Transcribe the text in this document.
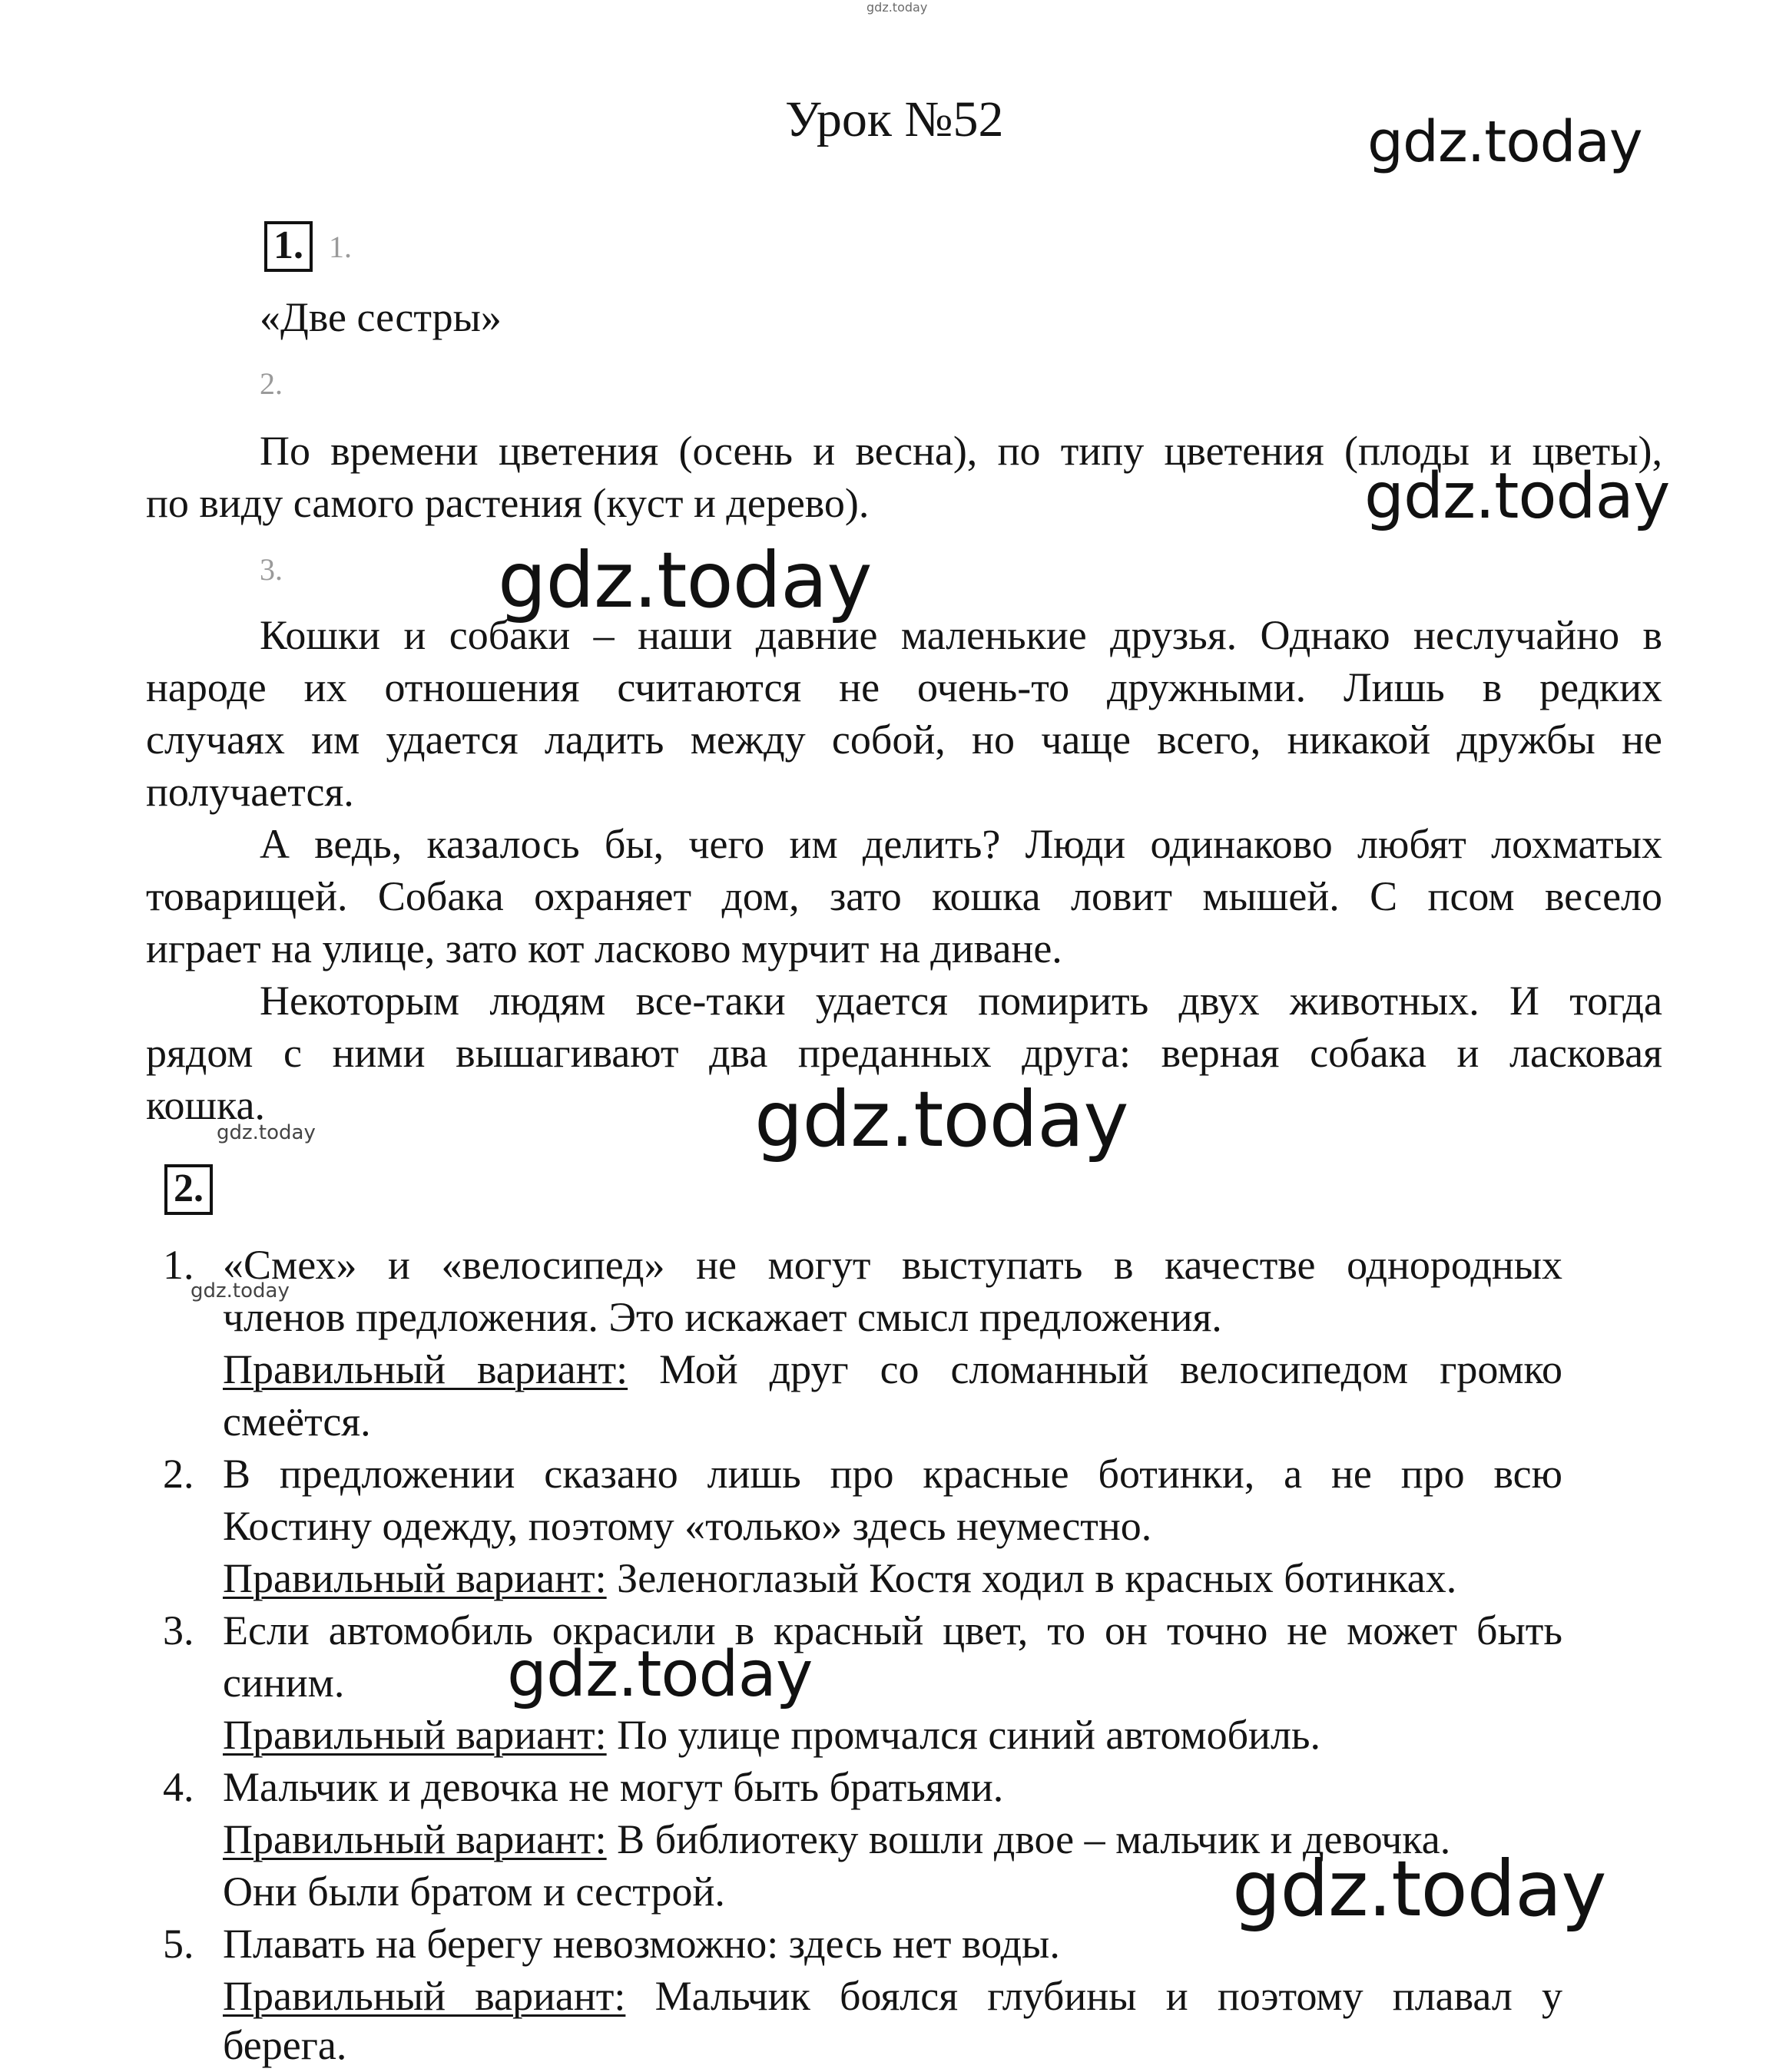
gdz.today
gdz.today
Урок №52
1. 1.
«Две сестры»
2.
По времени цветения (осень и весна), по типу цветения (плоды и цветы),
по виду самого растения (куст и дерево).	gdz.today
3.
Кошки и собаки – наши давние маленькие друзья. Однако неслучайно в
народе их отношения считаются не очень-то дружными. Лишь в редких
случаях им удается ладить между собой, но чаще всего, никакой дружбы не
получается.
gdz.today
А ведь, казалось бы, чего им делить? Люди одинаково любят лохматых
товарищей. Собака охраняет дом, зато кошка ловит мышей. С псом весело
играет на улице, зато кот ласково мурчит на диване.
Некоторым людям все-таки удается помирить двух животных. И тогда
рядом с ними вышагивают два преданных друга: верная собака и ласковая
кошка.
gdz.today	gdz.today
2.
1. «Смех» и «велосипед» не могут выступать в качестве однородных
gdz.today
членов предложения. Это искажает смысл предложения.
Правильный вариант: Мой друг со сломанный велосипедом громко
смеётся.
2. В предложении сказано лишь про красные ботинки, а не про всю
Костину одежду, поэтому «только» здесь неуместно.
Правильный вариант: Зеленоглазый Костя ходил в красных ботинках.
3. Если автомобиль окрасили в красный цвет, то он точно не может быть
синим.	gdz.today
Правильный вариант: По улице промчался синий автомобиль.
4. Мальчик и девочка не могут быть братьями.
Правильный вариант: В библиотеку вошли двое – мальчик и девочка.
Они были братом и сестрой.	gdz.today
5. Плавать на берегу невозможно: здесь нет воды.
Правильный вариант: Мальчик боялся глубины и поэтому плавал у
берега.
